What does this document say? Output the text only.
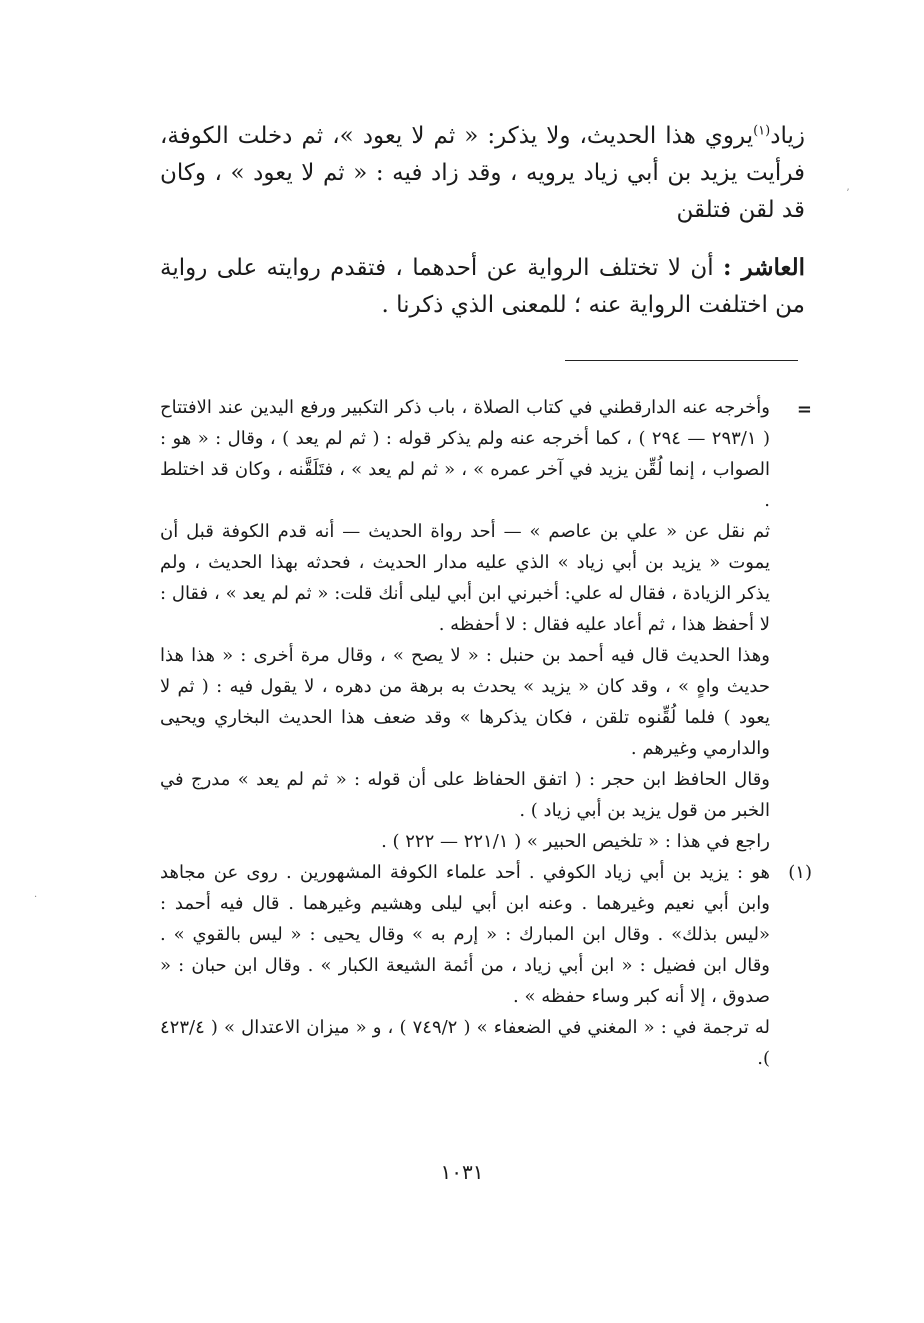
زياد$^{(١)}$يروي هذا الحديث، ولا يذكر: « ثم لا يعود »، ثم دخلت الكوفة، فرأيت يزيد بن أبي زياد يرويه ، وقد زاد فيه : « ثم لا يعود » ، وكان قد لقن فتلقن

العاشر : أن لا تختلف الرواية عن أحدهما ، فتقدم روايته على رواية من اختلفت الرواية عنه ؛ للمعنى الذي ذكرنا .

=

وأخرجه عنه الدارقطني في كتاب الصلاة ، باب ذكر التكبير ورفع اليدين عند الافتتاح ( ٢٩٣/١ — ٢٩٤ ) ، كما أخرجه عنه ولم يذكر قوله : ( ثم لم يعد ) ، وقال : « هو : الصواب ، إنما لُقِّن يزيد في آخر عمره » ، « ثم لم يعد » ، فتَلَقَّنه ، وكان قد اختلط .

ثم نقل عن « علي بن عاصم » — أحد رواة الحديث — أنه قدم الكوفة قبل أن يموت « يزيد بن أبي زياد » الذي عليه مدار الحديث ، فحدثه بهذا الحديث ، ولم يذكر الزيادة ، فقال له علي: أخبرني ابن أبي ليلى أنك قلت: « ثم لم يعد » ، فقال : لا أحفظ هذا ، ثم أعاد عليه فقال : لا أحفظه .

وهذا الحديث قال فيه أحمد بن حنبل : « لا يصح » ، وقال مرة أخرى : « هذا هذا حديث واهٍ » ، وقد كان « يزيد » يحدث به برهة من دهره ، لا يقول فيه : ( ثم لا يعود ) فلما لُقِّنوه تلقن ، فكان يذكرها » وقد ضعف هذا الحديث البخاري ويحيى والدارمي وغيرهم .

وقال الحافظ ابن حجر : ( اتفق الحفاظ على أن قوله : « ثم لم يعد » مدرج في الخبر من قول يزيد بن أبي زياد ) .

راجع في هذا : « تلخيص الحبير » ( ٢٢١/١ — ٢٢٢ ) .

(١)

هو : يزيد بن أبي زياد الكوفي . أحد علماء الكوفة المشهورين . روى عن مجاهد وابن أبي نعيم وغيرهما . وعنه ابن أبي ليلى وهشيم وغيرهما . قال فيه أحمد : «ليس بذلك» . وقال ابن المبارك : « إرم به » وقال يحيى : « ليس بالقوي » . وقال ابن فضيل : « ابن أبي زياد ، من أئمة الشيعة الكبار » . وقال ابن حبان : « صدوق ، إلا أنه كبر وساء حفظه » .

له ترجمة في : « المغني في الضعفاء » ( ٧٤٩/٢ ) ، و « ميزان الاعتدال » ( ٤٢٣/٤ ).

١٠٣١
ʼ
·
